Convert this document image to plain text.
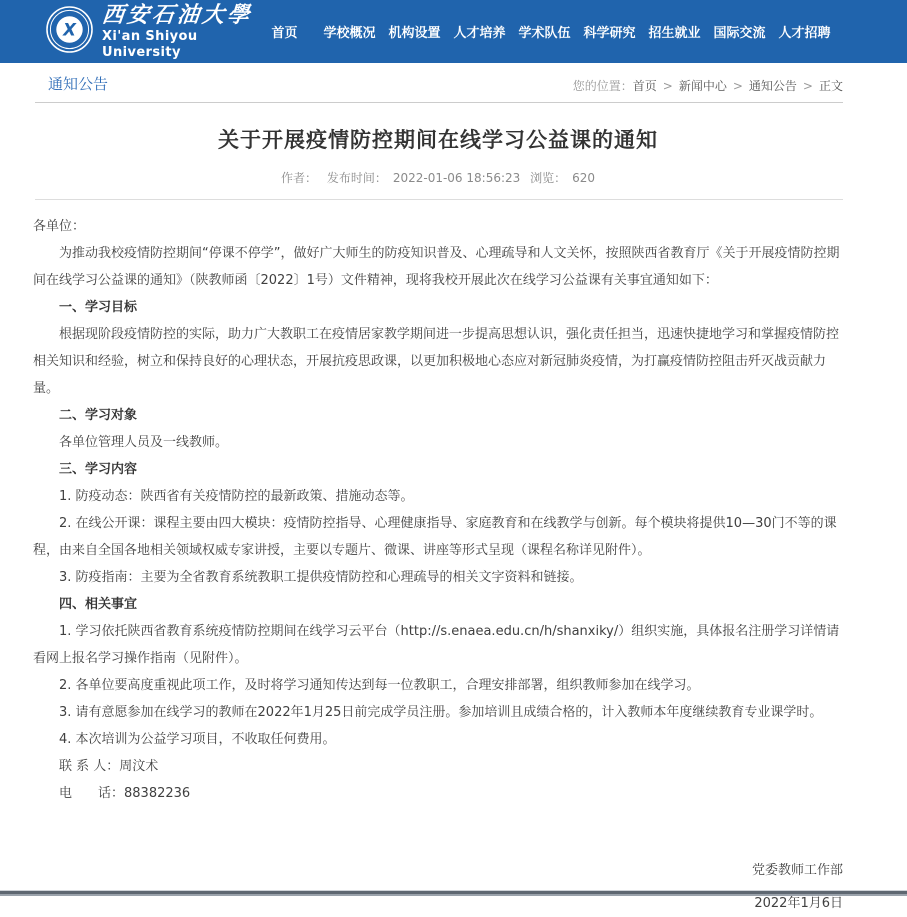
X
西安石油大學
Xi'an Shiyou University
首页	学校概况 机构设置 人才培养 学术队伍 科学研究 招生就业 国际交流 人才招聘
通知公告	您的位置：首页 > 新闻中心 > 通知公告 > 正文
关于开展疫情防控期间在线学习公益课的通知
作者： 发布时间： 2022-01-06 18:56:23 浏览： 620

各单位：

为推动我校疫情防控期间“停课不停学”，做好广大师生的防疫知识普及、心理疏导和人文关怀，按照陕西省教育厅《关于开展疫情防控期间在线学习公益课的通知》（陕教师函〔2022〕1号）文件精神，现将我校开展此次在线学习公益课有关事宜通知如下：

一、学习目标

根据现阶段疫情防控的实际，助力广大教职工在疫情居家教学期间进一步提高思想认识，强化责任担当，迅速快捷地学习和掌握疫情防控相关知识和经验，树立和保持良好的心理状态，开展抗疫思政课，以更加积极地心态应对新冠肺炎疫情，为打赢疫情防控阻击歼灭战贡献力量。

二、学习对象

各单位管理人员及一线教师。

三、学习内容

1. 防疫动态：陕西省有关疫情防控的最新政策、措施动态等。

2. 在线公开课：课程主要由四大模块：疫情防控指导、心理健康指导、家庭教育和在线教学与创新。每个模块将提供10—30门不等的课程，由来自全国各地相关领域权威专家讲授，主要以专题片、微课、讲座等形式呈现（课程名称详见附件）。

3. 防疫指南：主要为全省教育系统教职工提供疫情防控和心理疏导的相关文字资料和链接。

四、相关事宜

1. 学习依托陕西省教育系统疫情防控期间在线学习云平台（http://s.enaea.edu.cn/h/shanxiky/）组织实施，具体报名注册学习详情请看网上报名学习操作指南（见附件）。

2. 各单位要高度重视此项工作，及时将学习通知传达到每一位教职工，合理安排部署，组织教师参加在线学习。

3. 请有意愿参加在线学习的教师在2022年1月25日前完成学员注册。参加培训且成绩合格的，计入教师本年度继续教育专业课学时。

4. 本次培训为公益学习项目，不收取任何费用。

联 系 人：周汶术

电　　话：88382236

党委教师工作部
2022年1月6日
